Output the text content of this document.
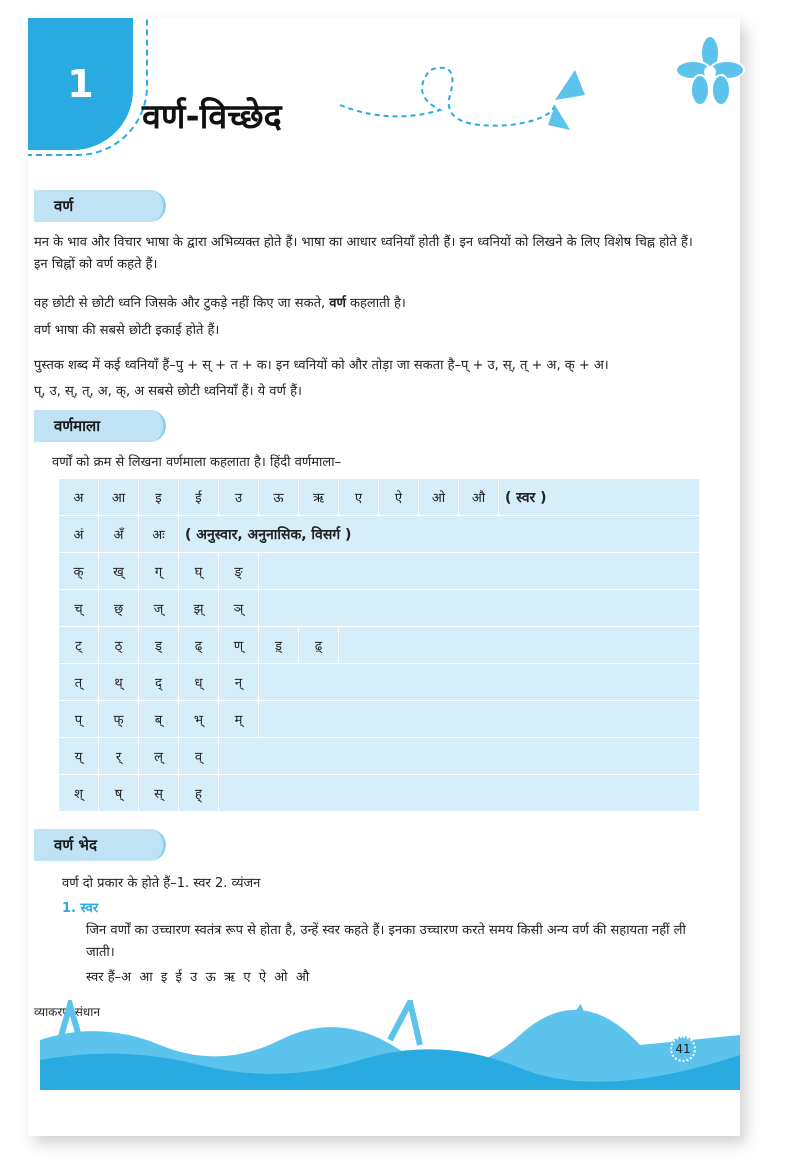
1
वर्ण-विच्छेद
वर्ण
मन के भाव और विचार भाषा के द्वारा अभिव्यक्त होते हैं। भाषा का आधार ध्वनियाँ होती हैं। इन ध्वनियों को लिखने के लिए विशेष चिह्न होते हैं। इन चिह्नों को वर्ण कहते हैं।
वह छोटी से छोटी ध्वनि जिसके और टुकड़े नहीं किए जा सकते, वर्ण कहलाती है।
वर्ण भाषा की सबसे छोटी इकाई होते हैं।
पुस्तक शब्द में कई ध्वनियाँ हैं–पु + स् + त + क। इन ध्वनियों को और तोड़ा जा सकता है–प् + उ, स्, त् + अ, क् + अ।
प्, उ, स्, त्, अ, क्, अ सबसे छोटी ध्वनियाँ हैं। ये वर्ण हैं।
वर्णमाला
वर्णों को क्रम से लिखना वर्णमाला कहलाता है। हिंदी वर्णमाला–
अ	आ	इ	ई	उ	ऊ	ऋ	ए	ऐ	ओ	औ	( स्वर )
अं	अँ	अः	( अनुस्वार, अनुनासिक, विसर्ग )								
क्	ख्	ग्	घ्	ङ्							
च्	छ्	ज्	झ्	ञ्							
ट्	ठ्	ड्	ढ्	ण्	ड़्	ढ़्					
त्	थ्	द्	ध्	न्							
प्	फ्	ब्	भ्	म्							
य्	र्	ल्	व्								
श्	ष्	स्	ह्								
वर्ण भेद
वर्ण दो प्रकार के होते हैं–1. स्वर 2. व्यंजन
1. स्वर
जिन वर्णों का उच्चारण स्वतंत्र रूप से होता है, उन्हें स्वर कहते हैं। इनका उच्चारण करते समय किसी अन्य वर्ण की सहायता नहीं ली जाती।
स्वर हैं–अ  आ  इ  ई  उ  ऊ  ऋ  ए  ऐ  ओ  औ
व्याकरण संधान
41
